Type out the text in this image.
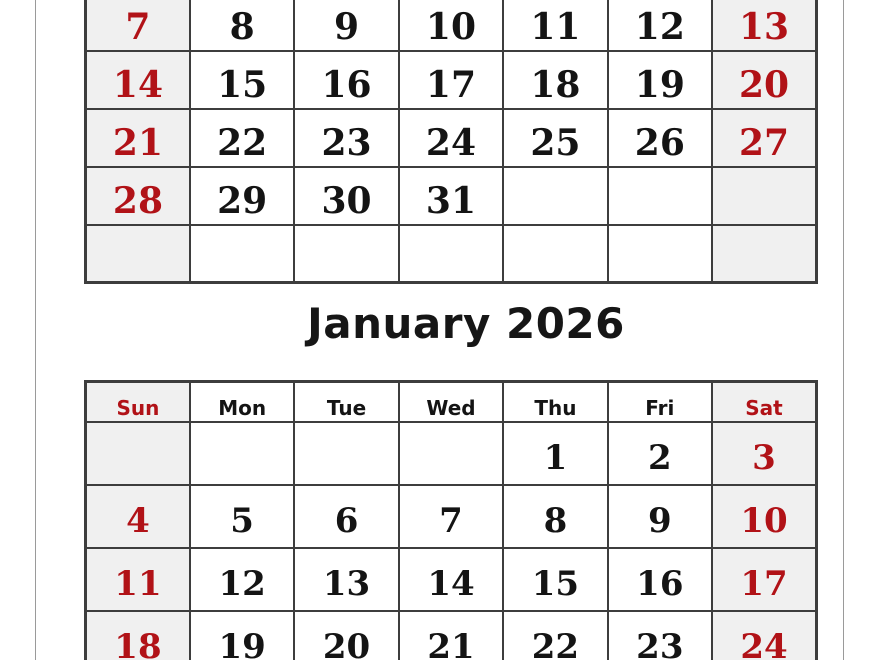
7	8	9	10	11	12	13
14	15	16	17	18	19	20
21	22	23	24	25	26	27
28	29	30	31			

January 2026
Sun	Mon	Tue	Wed	Thu	Fri	Sat
				1	2	3
4	5	6	7	8	9	10
11	12	13	14	15	16	17
18	19	20	21	22	23	24
